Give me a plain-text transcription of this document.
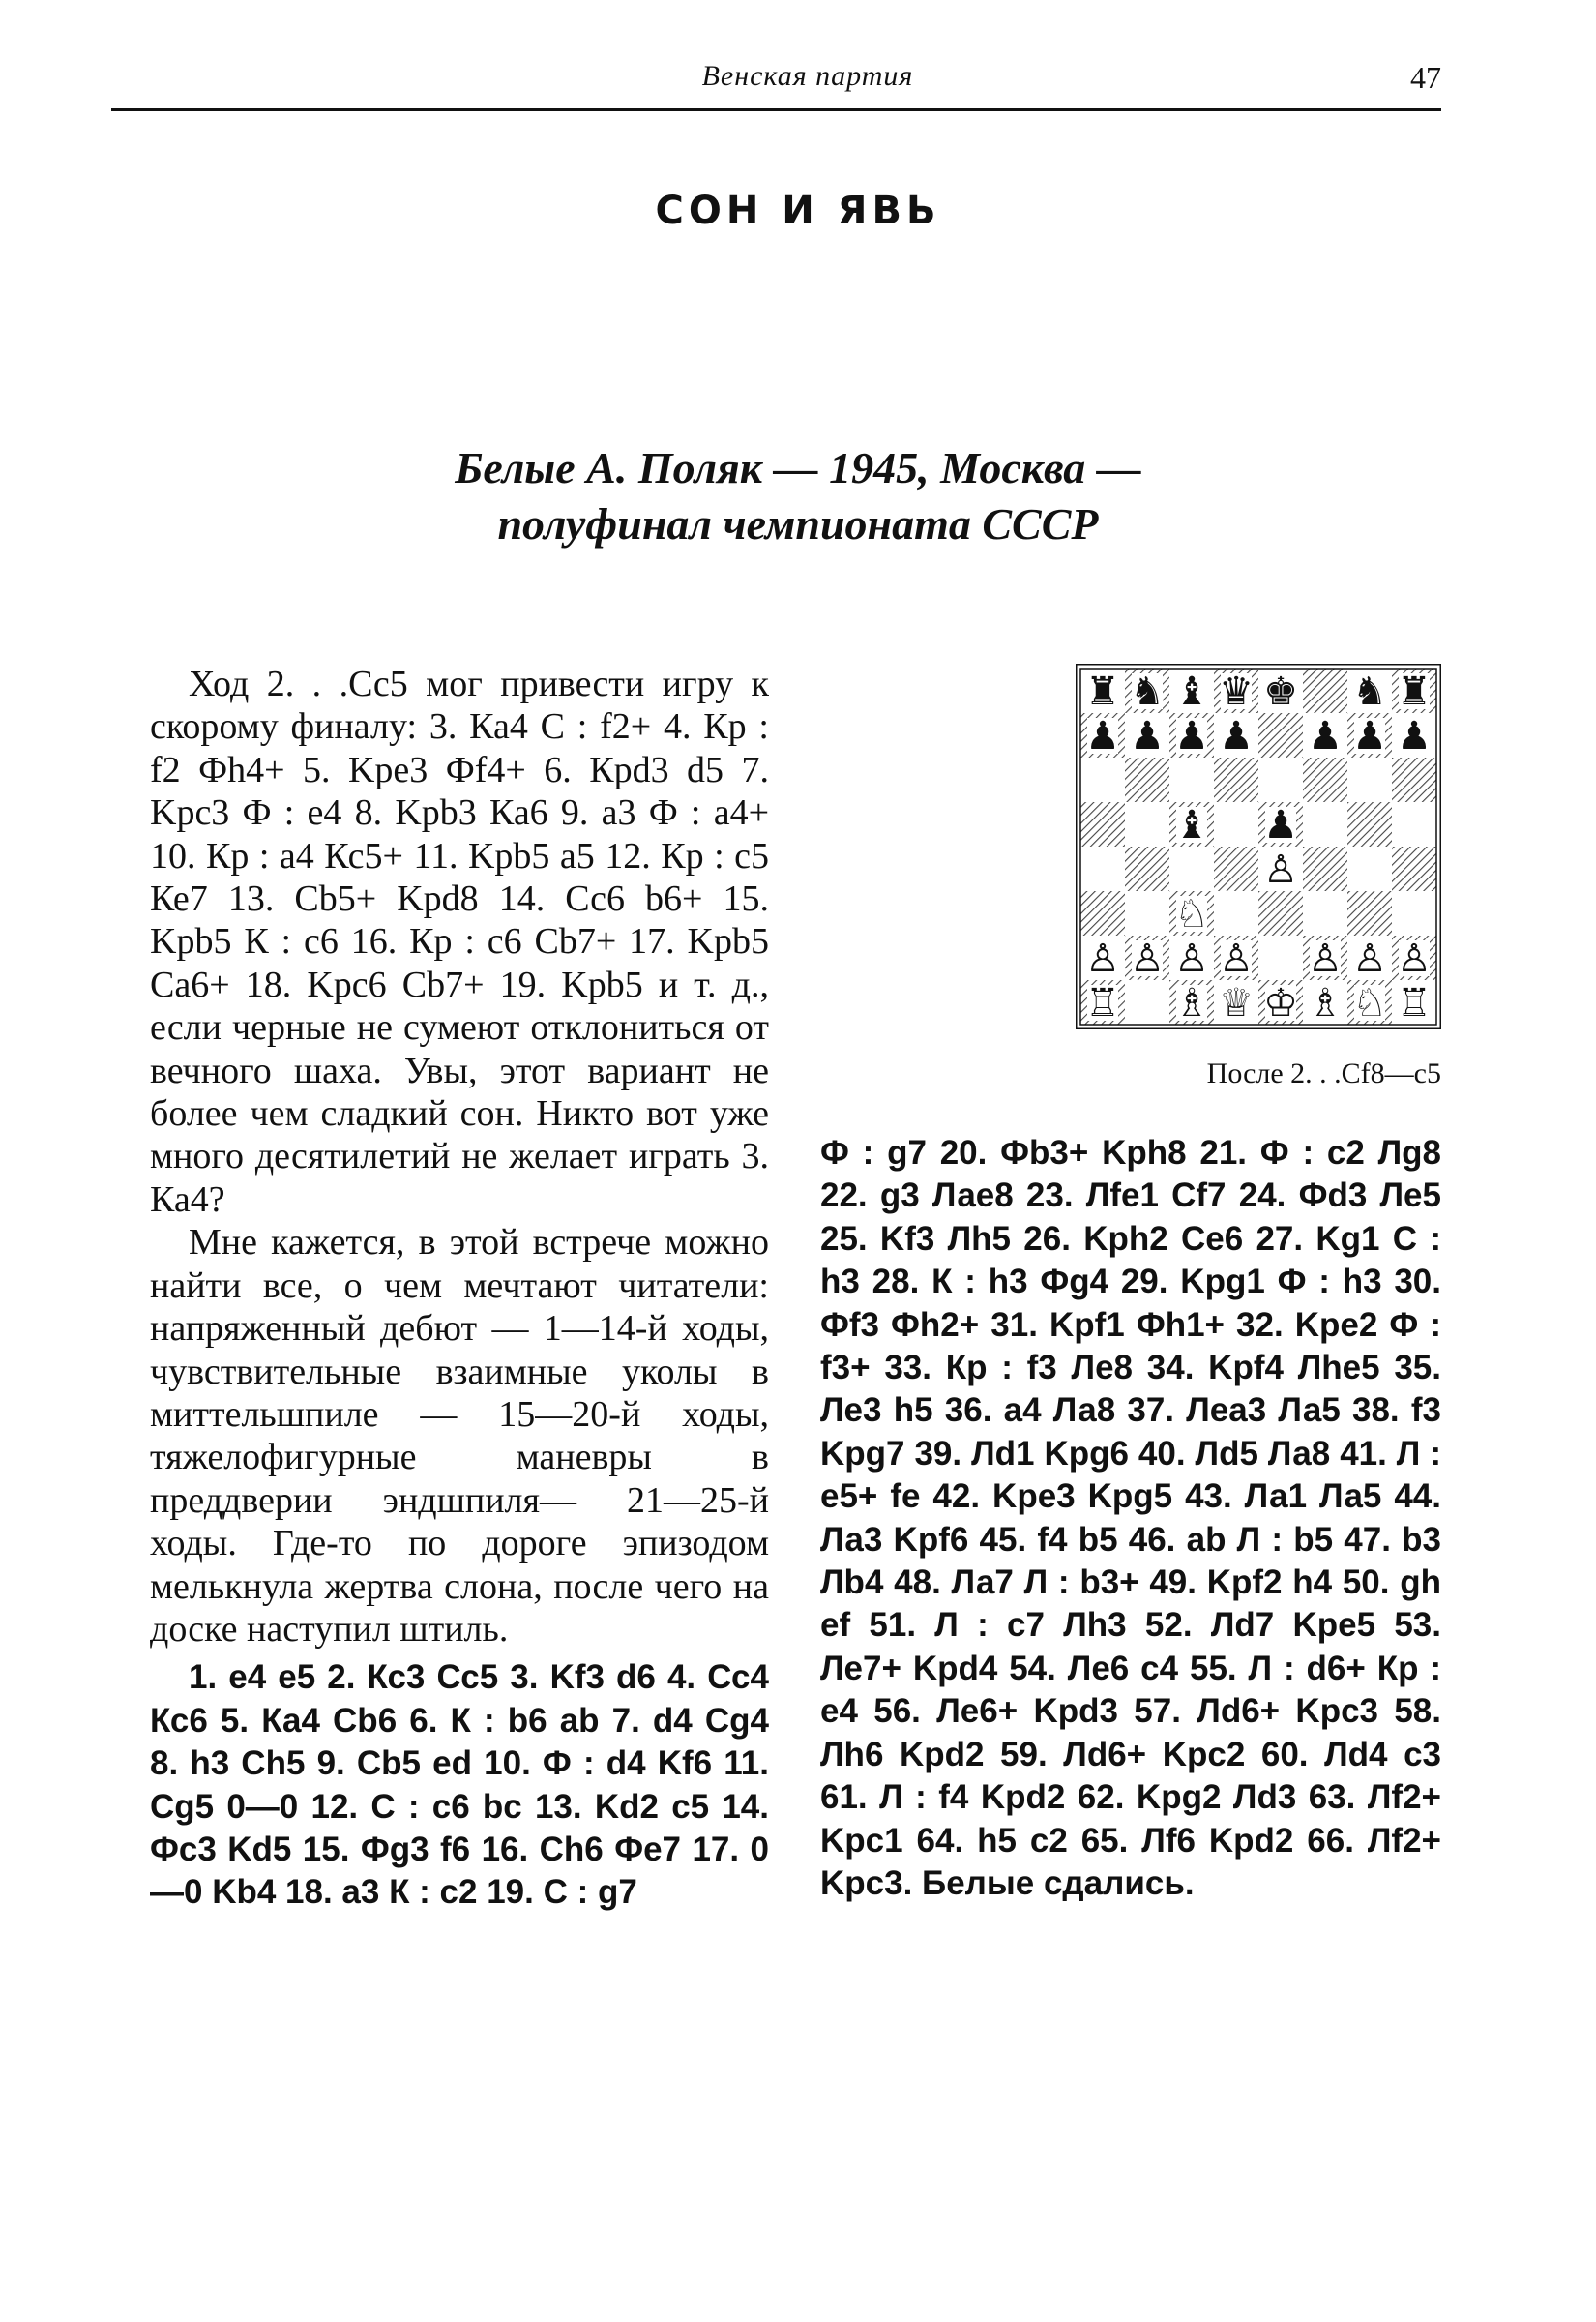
Венская партия	47
СОН И ЯВЬ
Белые А. Поляк — 1945, Москва —
полуфинал чемпионата СССР

Ход 2. . .Сс5 мог привести игру к скорому финалу: 3. Ка4 С : f2+ 4. Кр : f2 Фh4+ 5. Kpe3 Фf4+ 6. Кpd3 d5 7. Kpc3 Ф : e4 8. Kpb3 Ка6 9. а3 Ф : а4+ 10. Кр : а4 Кс5+ 11. Kpb5 а5 12. Кр : с5 Ке7 13. Cb5+ Kpd8 14. Сс6 b6+ 15. Kpb5 К : с6 16. Кр : с6 Cb7+ 17. Kpb5 Са6+ 18. Kpc6 Cb7+ 19. Kpb5 и т. д., если черные не сумеют отклониться от вечного шаха. Увы, этот вариант не более чем сладкий сон. Никто вот уже много десятилетий не желает играть 3. Ка4?

Мне кажется, в этой встрече можно найти все, о чем мечтают читатели: напряженный дебют — 1—14-й ходы, чувствительные взаимные уколы в миттельшпиле — 15—20-й ходы, тяжелофигурные маневры в преддверии эндшпиля— 21—25-й ходы. Где-то по дороге эпизодом мелькнула жертва слона, после чего на доске наступил штиль.

1. е4 е5 2. Кс3 Сс5 3. Kf3 d6 4. Сс4 Кс6 5. Ка4 Cb6 6. К : b6 ab 7. d4 Cg4 8. h3 Ch5 9. Cb5 ed 10. Ф : d4 Kf6 11. Cg5 0—0 12. С : с6 bc 13. Kd2 с5 14. Фс3 Kd5 15. Фg3 f6 16. Ch6 Фе7 17. 0—0 Kb4 18. а3 К : с2 19. С : g7

♜ ♞ ♝ ♛ ♚ ♞ ♜
♟ ♟ ♟ ♟ ♟ ♟ ♟
♝ ♟
♙
♘
♙ ♙ ♙ ♙ ♙ ♙ ♙
♖ ♗ ♕ ♔ ♗ ♘ ♖
После 2. . .Cf8—c5

Ф : g7 20. Фb3+ Kph8 21. Ф : c2 Лg8 22. g3 Лае8 23. Лfe1 Cf7 24. Фd3 Ле5 25. Kf3 Лh5 26. Kph2 Се6 27. Kg1 С : h3 28. К : h3 Фg4 29. Kpg1 Ф : h3 30. Фf3 Фh2+ 31. Kpf1 Фh1+ 32. Kpe2 Ф : f3+ 33. Кр : f3 Ле8 34. Kpf4 Лhe5 35. Ле3 h5 36. а4 Ла8 37. Леа3 Ла5 38. f3 Kpg7 39. Лd1 Kpg6 40. Лd5 Ла8 41. Л : е5+ fe 42. Kpe3 Kpg5 43. Ла1 Ла5 44. Ла3 Kpf6 45. f4 b5 46. ab Л : b5 47. b3 Лb4 48. Ла7 Л : b3+ 49. Kpf2 h4 50. gh ef 51. Л : с7 Лh3 52. Лd7 Kpe5 53. Ле7+ Kpd4 54. Ле6 с4 55. Л : d6+ Кр : е4 56. Ле6+ Kpd3 57. Лd6+ Kpc3 58. Лh6 Kpd2 59. Лd6+ Kpc2 60. Лd4 с3 61. Л : f4 Kpd2 62. Kpg2 Лd3 63. Лf2+ Kpc1 64. h5 с2 65. Лf6 Kpd2 66. Лf2+ Kpc3. Белые сдались.
